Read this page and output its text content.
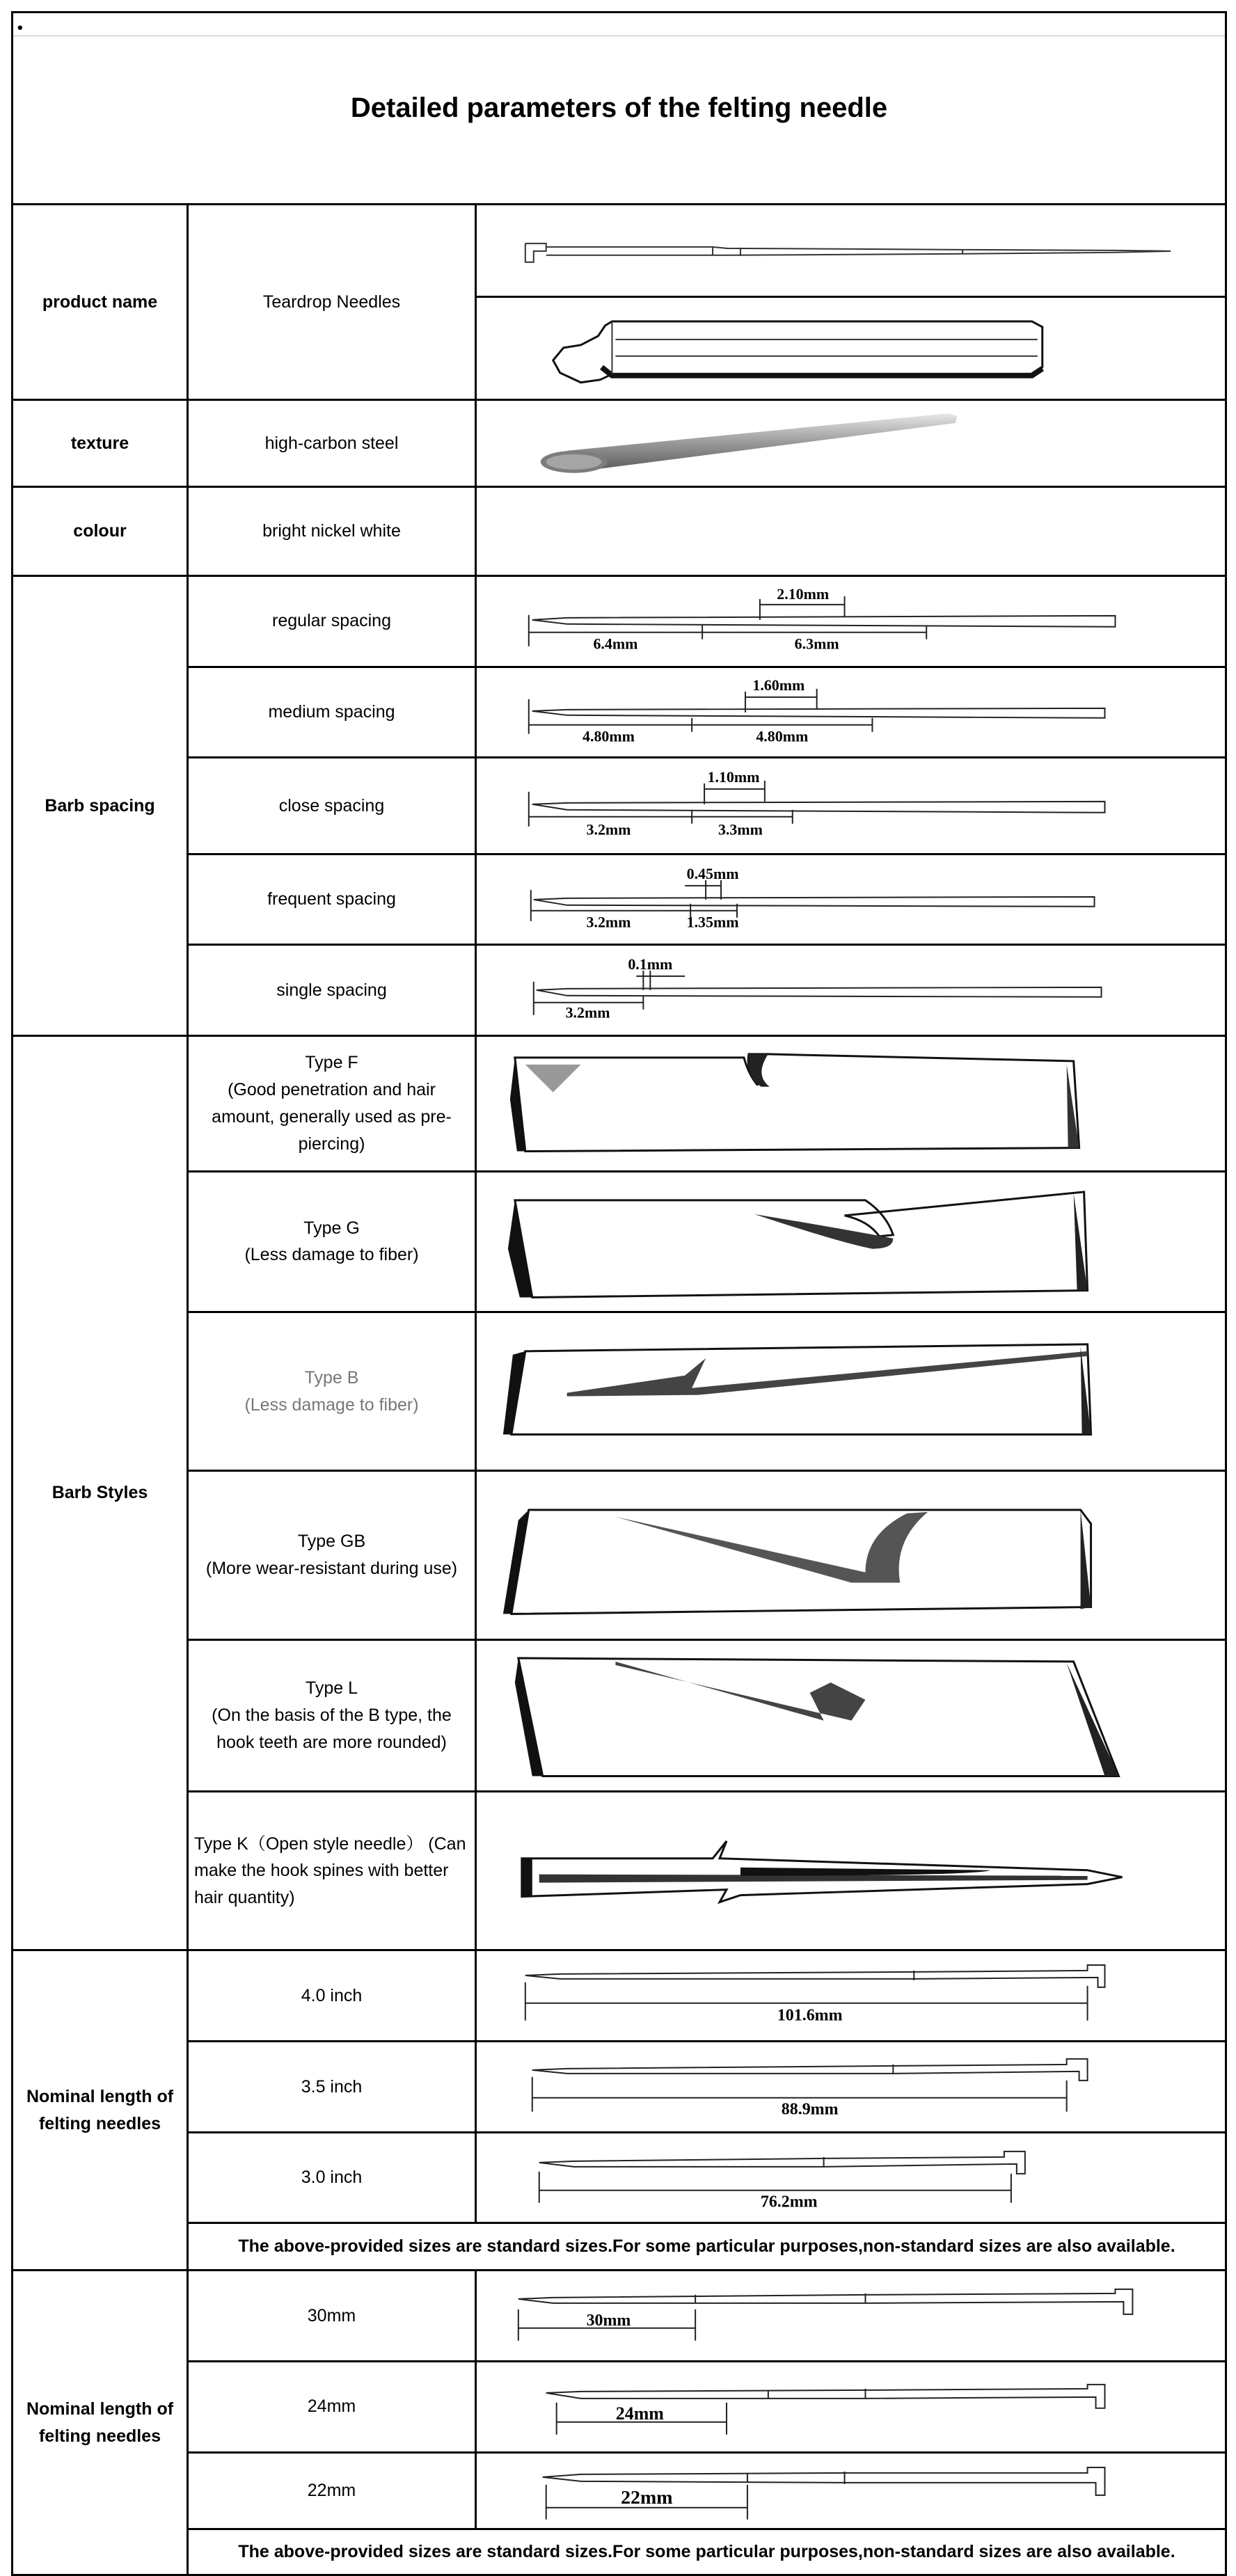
•
Detailed parameters of the felting needle		
product name	Teardrop Needles	

texture	high-carbon steel	

colour	bright nickel white	
Barb spacing	regular spacing	2.10mm
6.4mm 6.3mm

	medium spacing	1.60mm
4.80mm 4.80mm

	close spacing	1.10mm
3.2mm 3.3mm

	frequent spacing	0.45mm
3.2mm 1.35mm

	single spacing	0.1mm
3.2mm

Barb Styles	Type F
(Good penetration and hair
amount, generally used as pre-
piercing)

	Type G
(Less damage to fiber)

	Type B
(Less damage to fiber)

	Type GB
(More wear-resistant during use)

	Type L
(On the basis of the B type, the
hook teeth are more rounded)

	Type K（Open style needle） (Can
make the hook spines with better
hair quantity)

Nominal length of
felting needles	4.0 inch	101.6mm

	3.5 inch	88.9mm

	3.0 inch	76.2mm

	The above-provided sizes are standard sizes.For some particular purposes,non-standard sizes are also available.	

Nominal length of
felting needles	30mm	30mm

	24mm	24mm

	22mm	22mm

	The above-provided sizes are standard sizes.For some particular purposes,non-standard sizes are also available.	
